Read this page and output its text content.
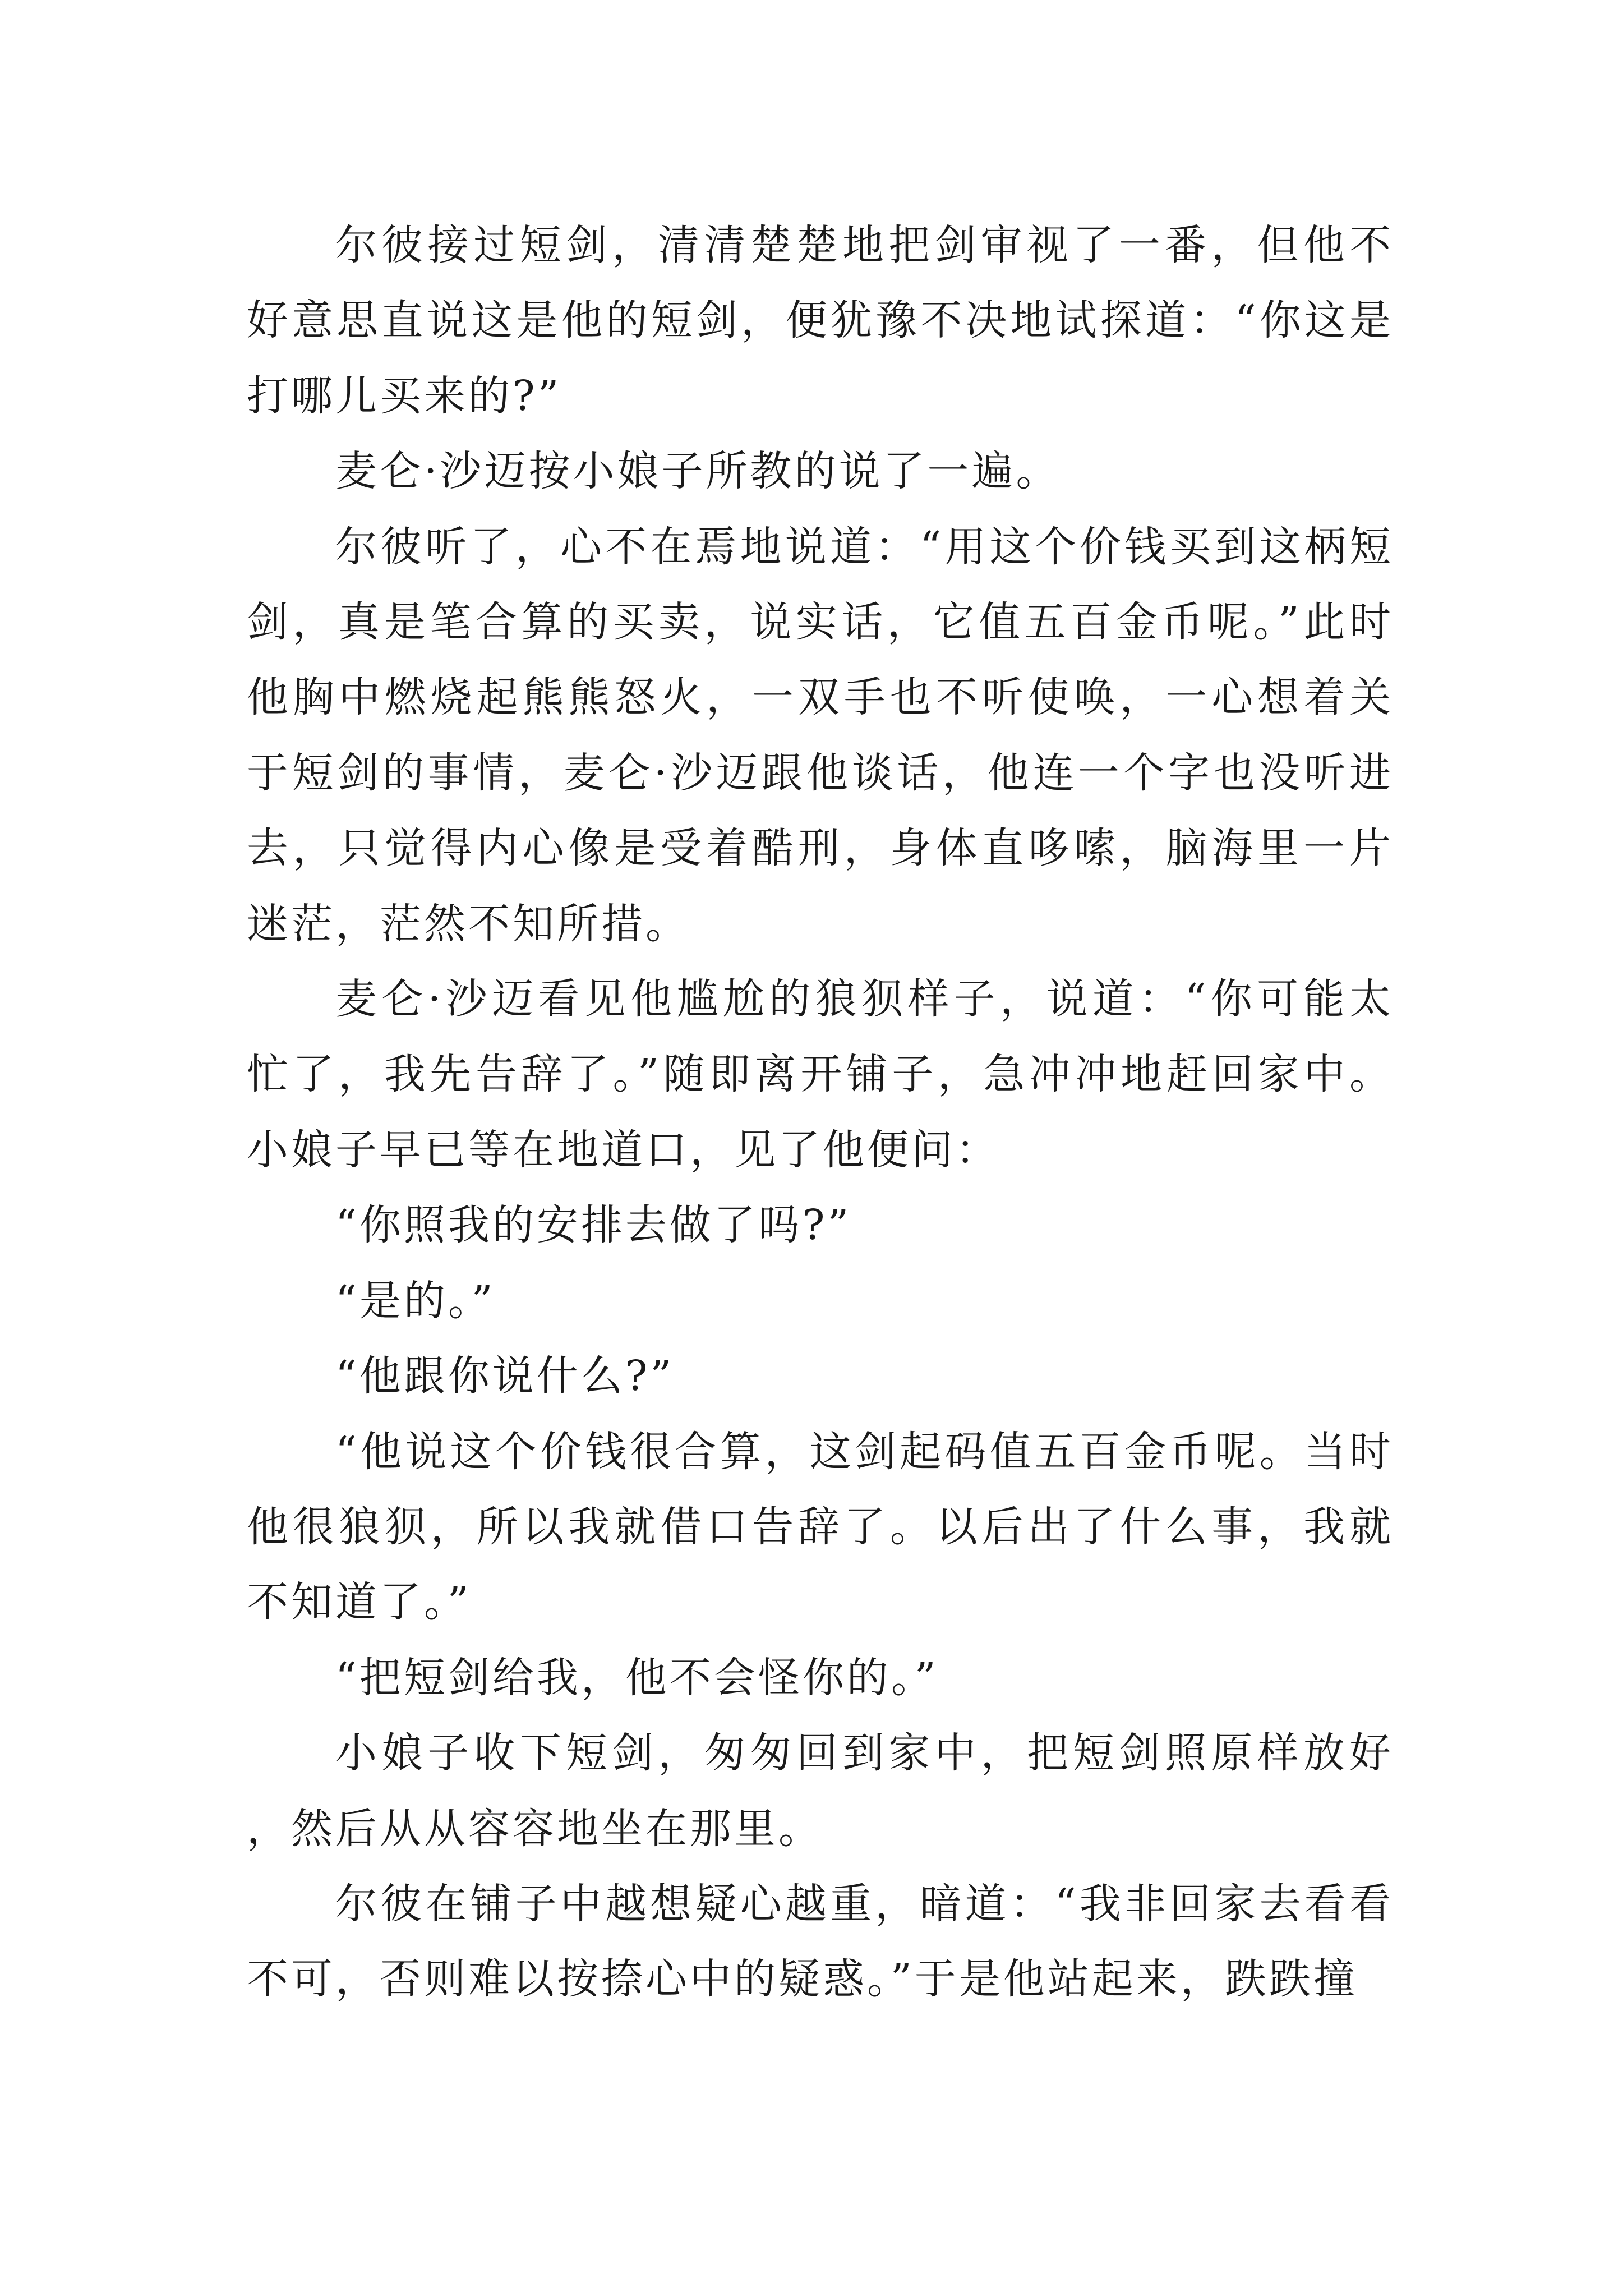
尔彼接过短剑，清清楚楚地把剑审视了一番，但他不好意思直说这是他的短剑，便犹豫不决地试探道：“你这是打哪儿买来的?”

麦仑·沙迈按小娘子所教的说了一遍。

尔彼听了，心不在焉地说道：“用这个价钱买到这柄短剑，真是笔合算的买卖，说实话，它值五百金币呢。”此时他胸中燃烧起熊熊怒火，一双手也不听使唤，一心想着关于短剑的事情，麦仑·沙迈跟他谈话，他连一个字也没听进去，只觉得内心像是受着酷刑，身体直哆嗦，脑海里一片迷茫，茫然不知所措。

麦仑·沙迈看见他尴尬的狼狈样子，说道：“你可能太忙了，我先告辞了。”随即离开铺子，急冲冲地赶回家中。小娘子早已等在地道口，见了他便问：

“你照我的安排去做了吗?”

“是的。”

“他跟你说什么?”

“他说这个价钱很合算，这剑起码值五百金币呢。当时他很狼狈，所以我就借口告辞了。以后出了什么事，我就不知道了。”

“把短剑给我，他不会怪你的。”

小娘子收下短剑，匆匆回到家中，把短剑照原样放好，然后从从容容地坐在那里。

尔彼在铺子中越想疑心越重，暗道：“我非回家去看看不可，否则难以按捺心中的疑惑。”于是他站起来，跌跌撞
